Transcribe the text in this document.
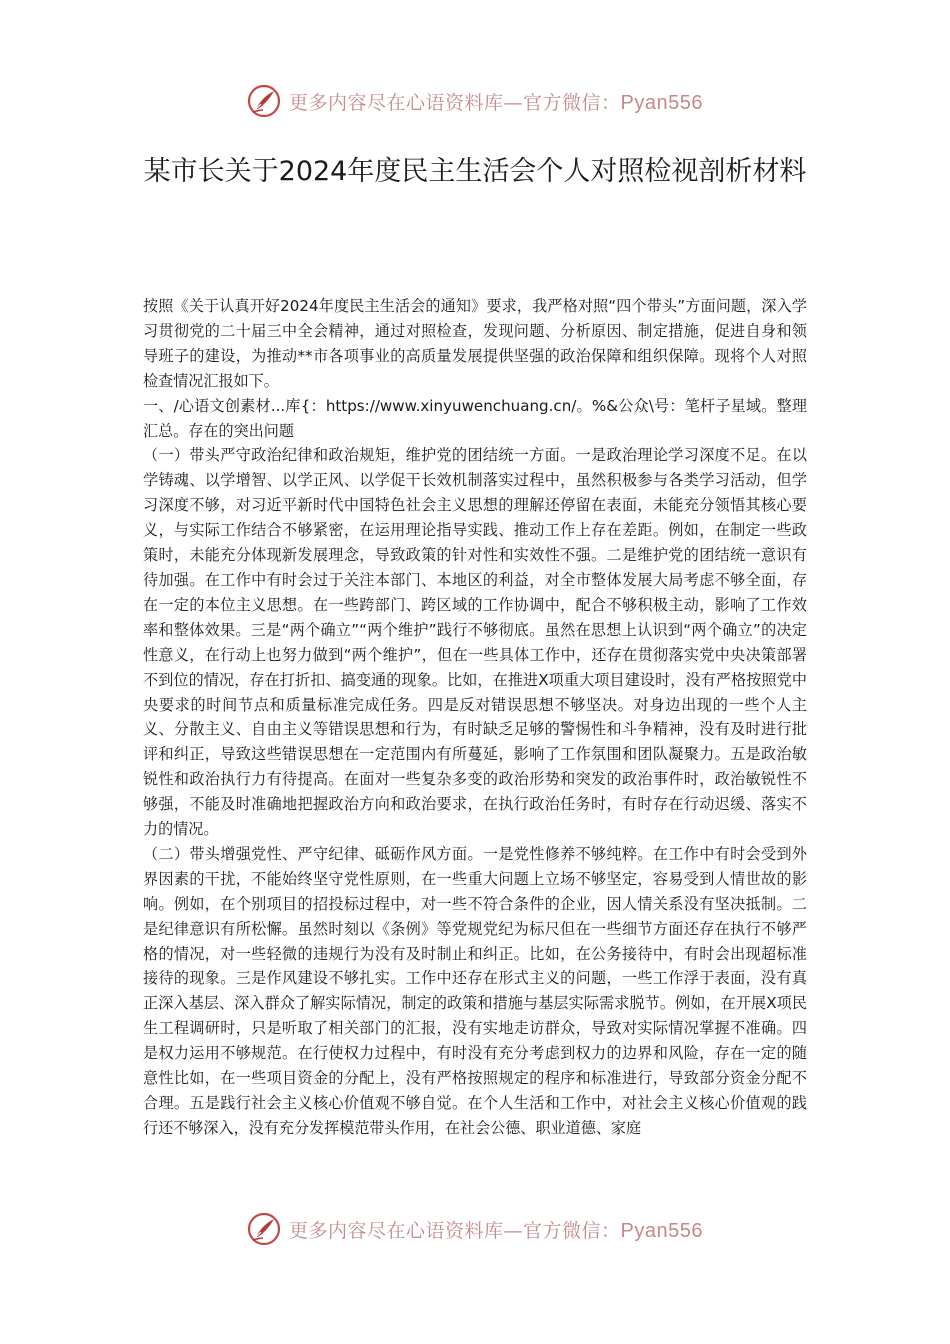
更多内容尽在心语资料库—官方微信：Pyan556
某市长关于2024年度民主生活会个人对照检视剖析材料

按照《关于认真开好2024年度民主生活会的通知》要求，我严格对照“四个带头”方面问题，深入学习贯彻党的二十届三中全会精神，通过对照检查，发现问题、分析原因、制定措施，促进自身和领导班子的建设，为推动**市各项事业的高质量发展提供坚强的政治保障和组织保障。现将个人对照检查情况汇报如下。

一、/心语文创素材...库{：https://www.xinyuwenchuang.cn/。%&公众\号：笔杆子星域。整理汇总。存在的突出问题

（一）带头严守政治纪律和政治规矩，维护党的团结统一方面。一是政治理论学习深度不足。在以学铸魂、以学增智、以学正风、以学促干长效机制落实过程中，虽然积极参与各类学习活动，但学习深度不够，对习近平新时代中国特色社会主义思想的理解还停留在表面，未能充分领悟其核心要义，与实际工作结合不够紧密，在运用理论指导实践、推动工作上存在差距。例如，在制定一些政策时，未能充分体现新发展理念，导致政策的针对性和实效性不强。二是维护党的团结统一意识有待加强。在工作中有时会过于关注本部门、本地区的利益，对全市整体发展大局考虑不够全面，存在一定的本位主义思想。在一些跨部门、跨区域的工作协调中，配合不够积极主动，影响了工作效率和整体效果。三是“两个确立”“两个维护”践行不够彻底。虽然在思想上认识到“两个确立”的决定性意义，在行动上也努力做到“两个维护”，但在一些具体工作中，还存在贯彻落实党中央决策部署不到位的情况，存在打折扣、搞变通的现象。比如，在推进X项重大项目建设时，没有严格按照党中央要求的时间节点和质量标准完成任务。四是反对错误思想不够坚决。对身边出现的一些个人主义、分散主义、自由主义等错误思想和行为，有时缺乏足够的警惕性和斗争精神，没有及时进行批评和纠正，导致这些错误思想在一定范围内有所蔓延，影响了工作氛围和团队凝聚力。五是政治敏锐性和政治执行力有待提高。在面对一些复杂多变的政治形势和突发的政治事件时，政治敏锐性不够强，不能及时准确地把握政治方向和政治要求，在执行政治任务时，有时存在行动迟缓、落实不力的情况。

（二）带头增强党性、严守纪律、砥砺作风方面。一是党性修养不够纯粹。在工作中有时会受到外界因素的干扰，不能始终坚守党性原则，在一些重大问题上立场不够坚定，容易受到人情世故的影响。例如，在个别项目的招投标过程中，对一些不符合条件的企业，因人情关系没有坚决抵制。二是纪律意识有所松懈。虽然时刻以《条例》等党规党纪为标尺但在一些细节方面还存在执行不够严格的情况，对一些轻微的违规行为没有及时制止和纠正。比如，在公务接待中，有时会出现超标准接待的现象。三是作风建设不够扎实。工作中还存在形式主义的问题，一些工作浮于表面，没有真正深入基层、深入群众了解实际情况，制定的政策和措施与基层实际需求脱节。例如，在开展X项民生工程调研时，只是听取了相关部门的汇报，没有实地走访群众，导致对实际情况掌握不准确。四是权力运用不够规范。在行使权力过程中，有时没有充分考虑到权力的边界和风险，存在一定的随意性比如，在一些项目资金的分配上，没有严格按照规定的程序和标准进行，导致部分资金分配不合理。五是践行社会主义核心价值观不够自觉。在个人生活和工作中，对社会主义核心价值观的践行还不够深入，没有充分发挥模范带头作用，在社会公德、职业道德、家庭

更多内容尽在心语资料库—官方微信：Pyan556
